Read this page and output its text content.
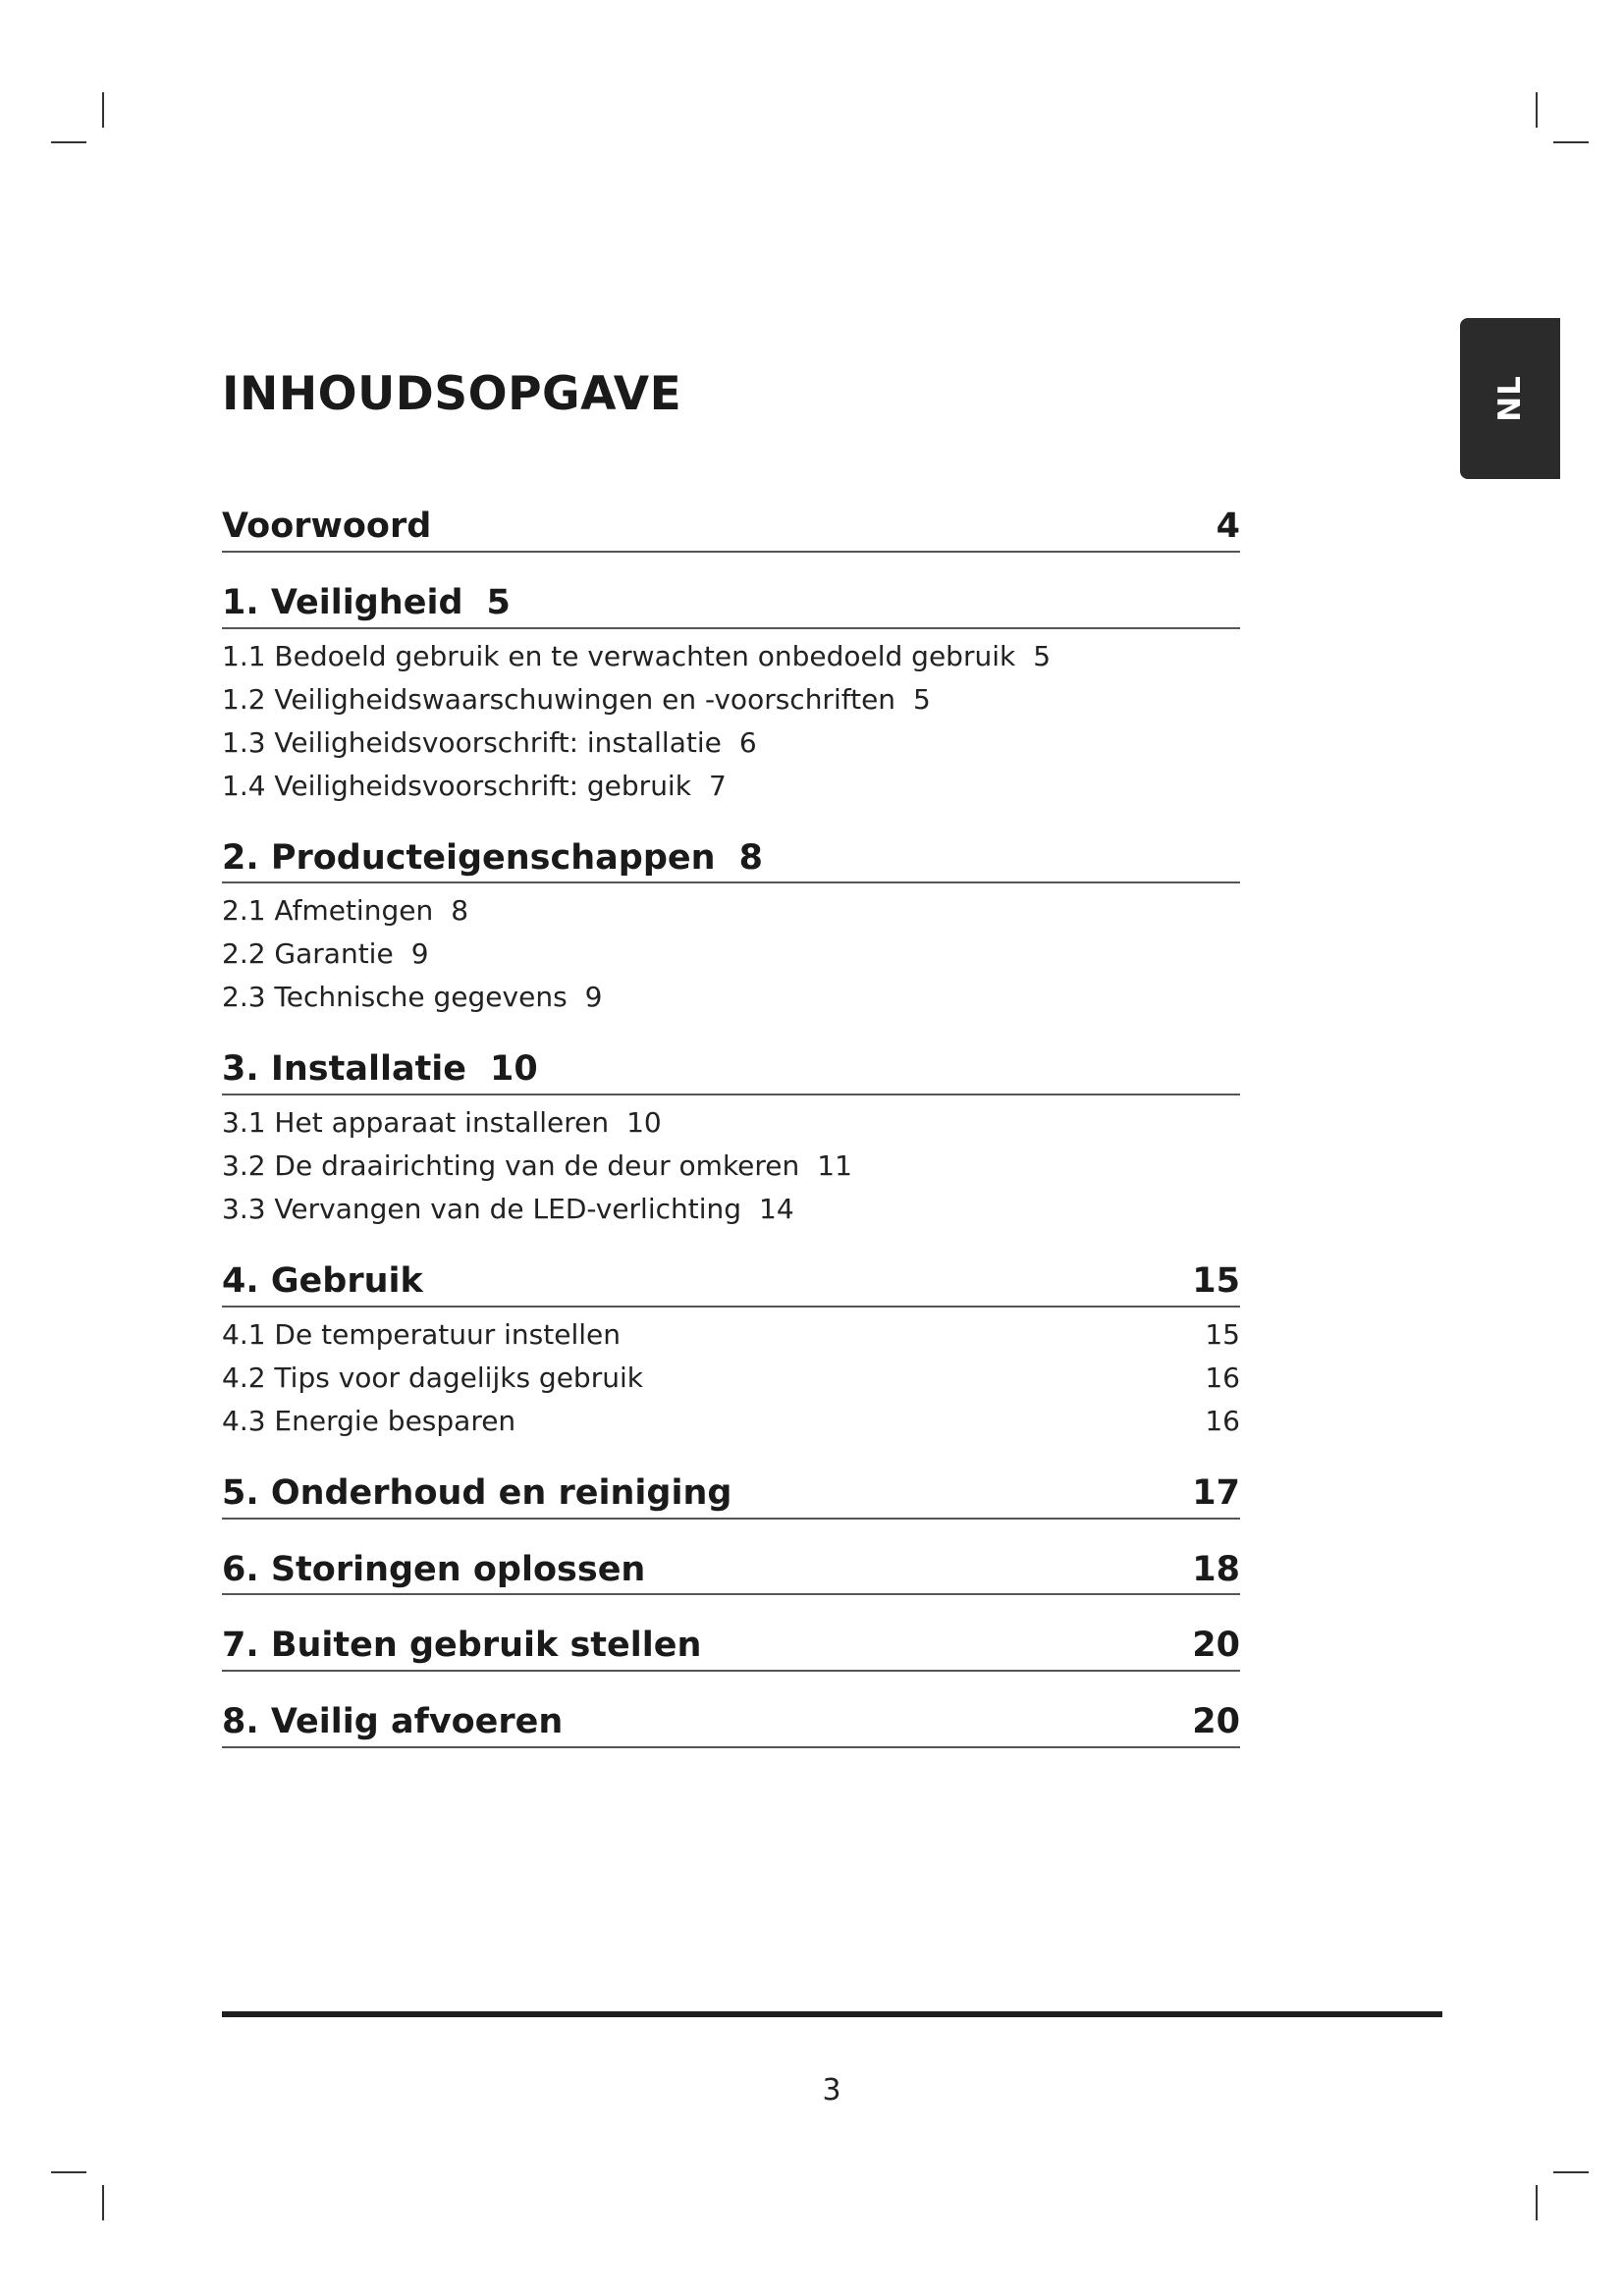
INHOUDSOPGAVE	NL
Voorwoord	4
1. Veiligheid 5
1.1 Bedoeld gebruik en te verwachten onbedoeld gebruik 5
1.2 Veiligheidswaarschuwingen en -voorschriften 5
1.3 Veiligheidsvoorschrift: installatie 6
1.4 Veiligheidsvoorschrift: gebruik 7
2. Producteigenschappen 8
2.1 Afmetingen 8
2.2 Garantie 9
2.3 Technische gegevens 9
3. Installatie 10
3.1 Het apparaat installeren 10
3.2 De draairichting van de deur omkeren 11
3.3 Vervangen van de LED-verlichting 14
4. Gebruik	15
4.1 De temperatuur instellen	15
4.2 Tips voor dagelijks gebruik	16
4.3 Energie besparen	16
5. Onderhoud en reiniging	17
6. Storingen oplossen	18
7. Buiten gebruik stellen	20
8. Veilig afvoeren	20
3
